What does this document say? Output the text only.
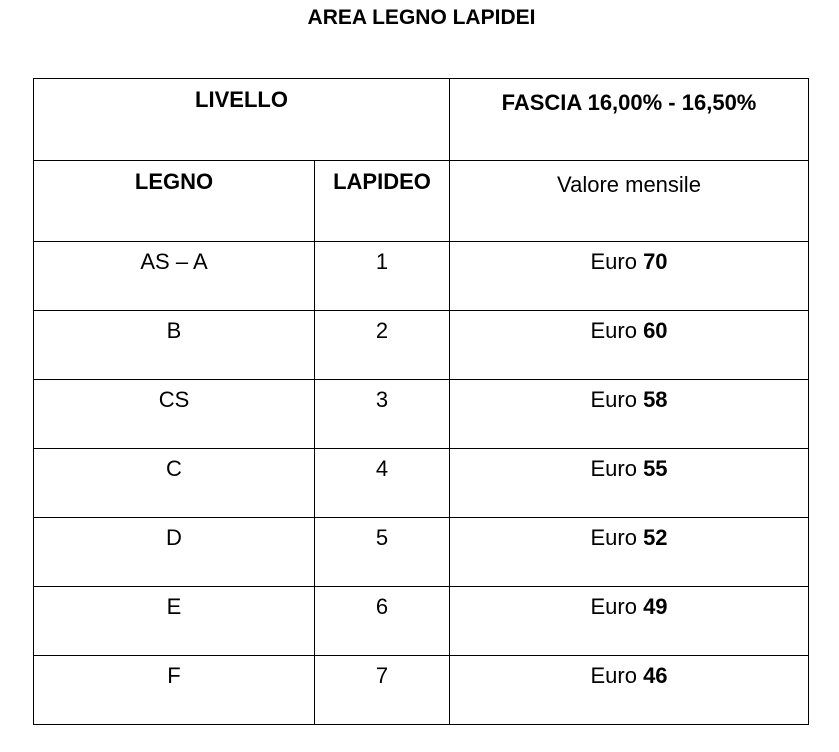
AREA LEGNO LAPIDEI
LIVELLO		FASCIA 16,00% - 16,50%

LEGNO	LAPIDEO	Valore mensile

AS – A	1	Euro 70

B	2	Euro 60

CS	3	Euro 58

C	4	Euro 55

D	5	Euro 52

E	6	Euro 49

F	7	Euro 46
